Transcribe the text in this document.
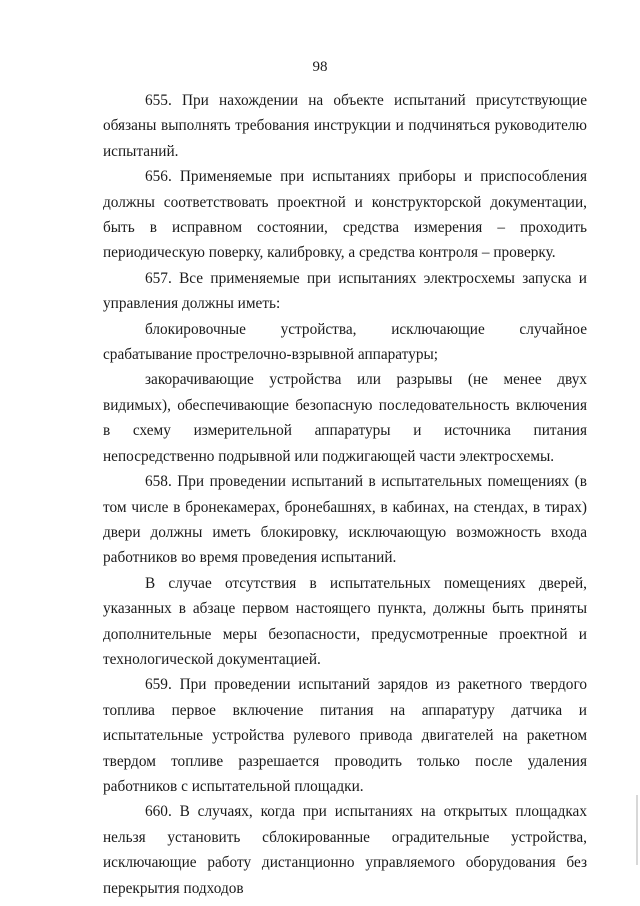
98

655. При нахождении на объекте испытаний присутствующие обязаны выполнять требования инструкции и подчиняться руководителю испытаний.

656. Применяемые при испытаниях приборы и приспособления должны соответствовать проектной и конструкторской документации, быть в исправном состоянии, средства измерения – проходить периодическую поверку, калибровку, а средства контроля – проверку.

657. Все применяемые при испытаниях электросхемы запуска и управления должны иметь:

блокировочные устройства, исключающие случайное срабатывание прострелочно-взрывной аппаратуры;

закорачивающие устройства или разрывы (не менее двух видимых), обеспечивающие безопасную последовательность включения в схему измерительной аппаратуры и источника питания непосредственно подрывной или поджигающей части электросхемы.

658. При проведении испытаний в испытательных помещениях (в том числе в бронекамерах, бронебашнях, в кабинах, на стендах, в тирах) двери должны иметь блокировку, исключающую возможность входа работников во время проведения испытаний.

В случае отсутствия в испытательных помещениях дверей, указанных в абзаце первом настоящего пункта, должны быть приняты дополнительные меры безопасности, предусмотренные проектной и технологической документацией.

659. При проведении испытаний зарядов из ракетного твердого топлива первое включение питания на аппаратуру датчика и испытательные устройства рулевого привода двигателей на ракетном твердом топливе разрешается проводить только после удаления работников с испытательной площадки.

660. В случаях, когда при испытаниях на открытых площадках нельзя установить сблокированные оградительные устройства, исключающие работу дистанционно управляемого оборудования без перекрытия подходов
